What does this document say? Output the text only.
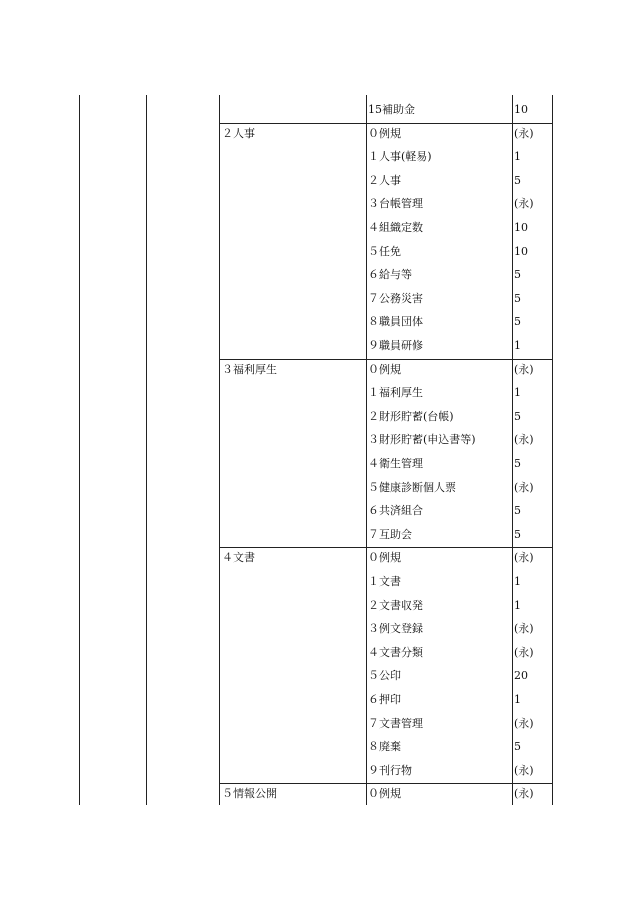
15補助金	10
２人事	０例規	(永)
１人事(軽易)	1
２人事	5
３台帳管理	(永)
４組織定数	10
５任免	10
６給与等	5
７公務災害	5
８職員団体	5
９職員研修	1
３福利厚生	０例規	(永)
１福利厚生	1
２財形貯蓄(台帳)	5
３財形貯蓄(申込書等)	(永)
４衛生管理	5
５健康診断個人票	(永)
６共済組合	5
７互助会	5
４文書	０例規	(永)
１文書	1
２文書収発	1
３例文登録	(永)
４文書分類	(永)
５公印	20
６押印	1
７文書管理	(永)
８廃棄	5
９刊行物	(永)
５情報公開	０例規	(永)
